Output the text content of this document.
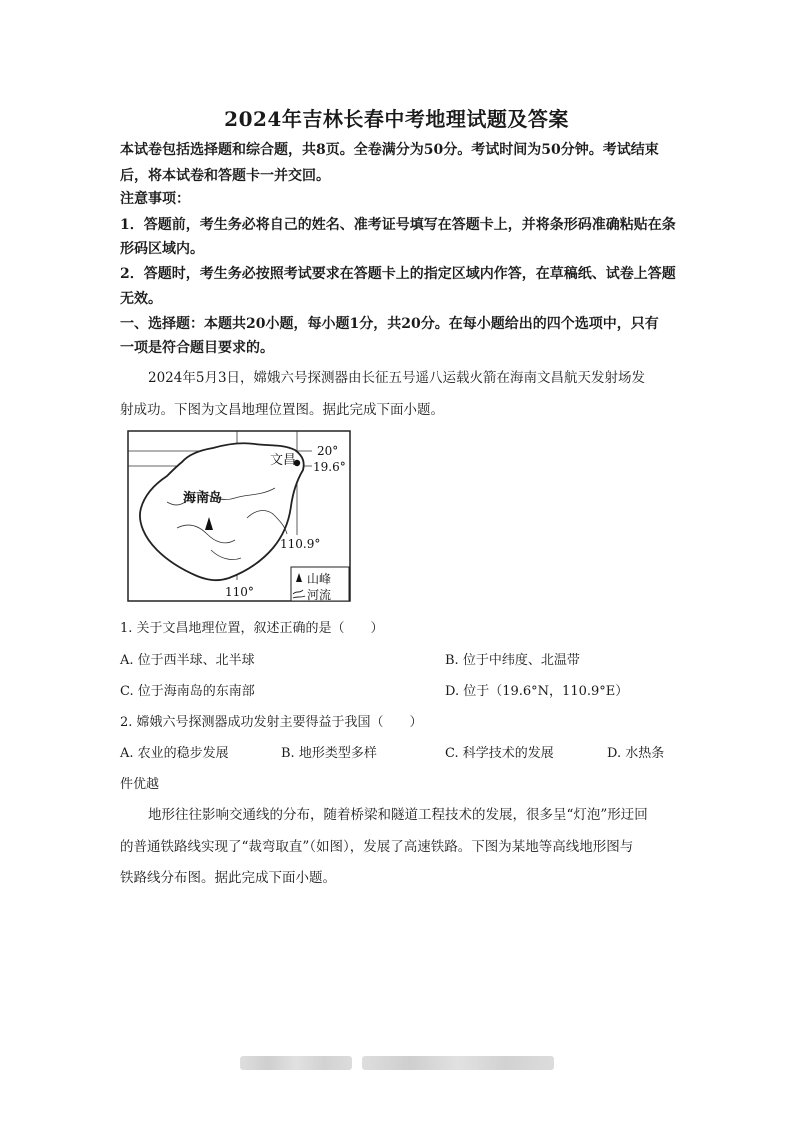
2024年吉林长春中考地理试题及答案
本试卷包括选择题和综合题，共8页。全卷满分为50分。考试时间为50分钟。考试结束
后，将本试卷和答题卡一并交回。
注意事项：
1．答题前，考生务必将自己的姓名、准考证号填写在答题卡上，并将条形码准确粘贴在条
形码区域内。
2．答题时，考生务必按照考试要求在答题卡上的指定区域内作答，在草稿纸、试卷上答题
无效。
一、选择题：本题共20小题，每小题1分，共20分。在每小题给出的四个选项中，只有
一项是符合题目要求的。
2024年5月3日，嫦娥六号探测器由长征五号遥八运载火箭在海南文昌航天发射场发
射成功。下图为文昌地理位置图。据此完成下面小题。
20°
19.6°
文昌
海南岛
110.9°
110°
山峰
河流
1. 关于文昌地理位置，叙述正确的是（　　）
A. 位于西半球、北半球	B. 位于中纬度、北温带
C. 位于海南岛的东南部	D. 位于（19.6°N，110.9°E）
2. 嫦娥六号探测器成功发射主要得益于我国（　　）
A. 农业的稳步发展	B. 地形类型多样	C. 科学技术的发展	D. 水热条
件优越
地形往往影响交通线的分布，随着桥梁和隧道工程技术的发展，很多呈“灯泡”形迂回
的普通铁路线实现了“裁弯取直”（如图），发展了高速铁路。下图为某地等高线地形图与
铁路线分布图。据此完成下面小题。
